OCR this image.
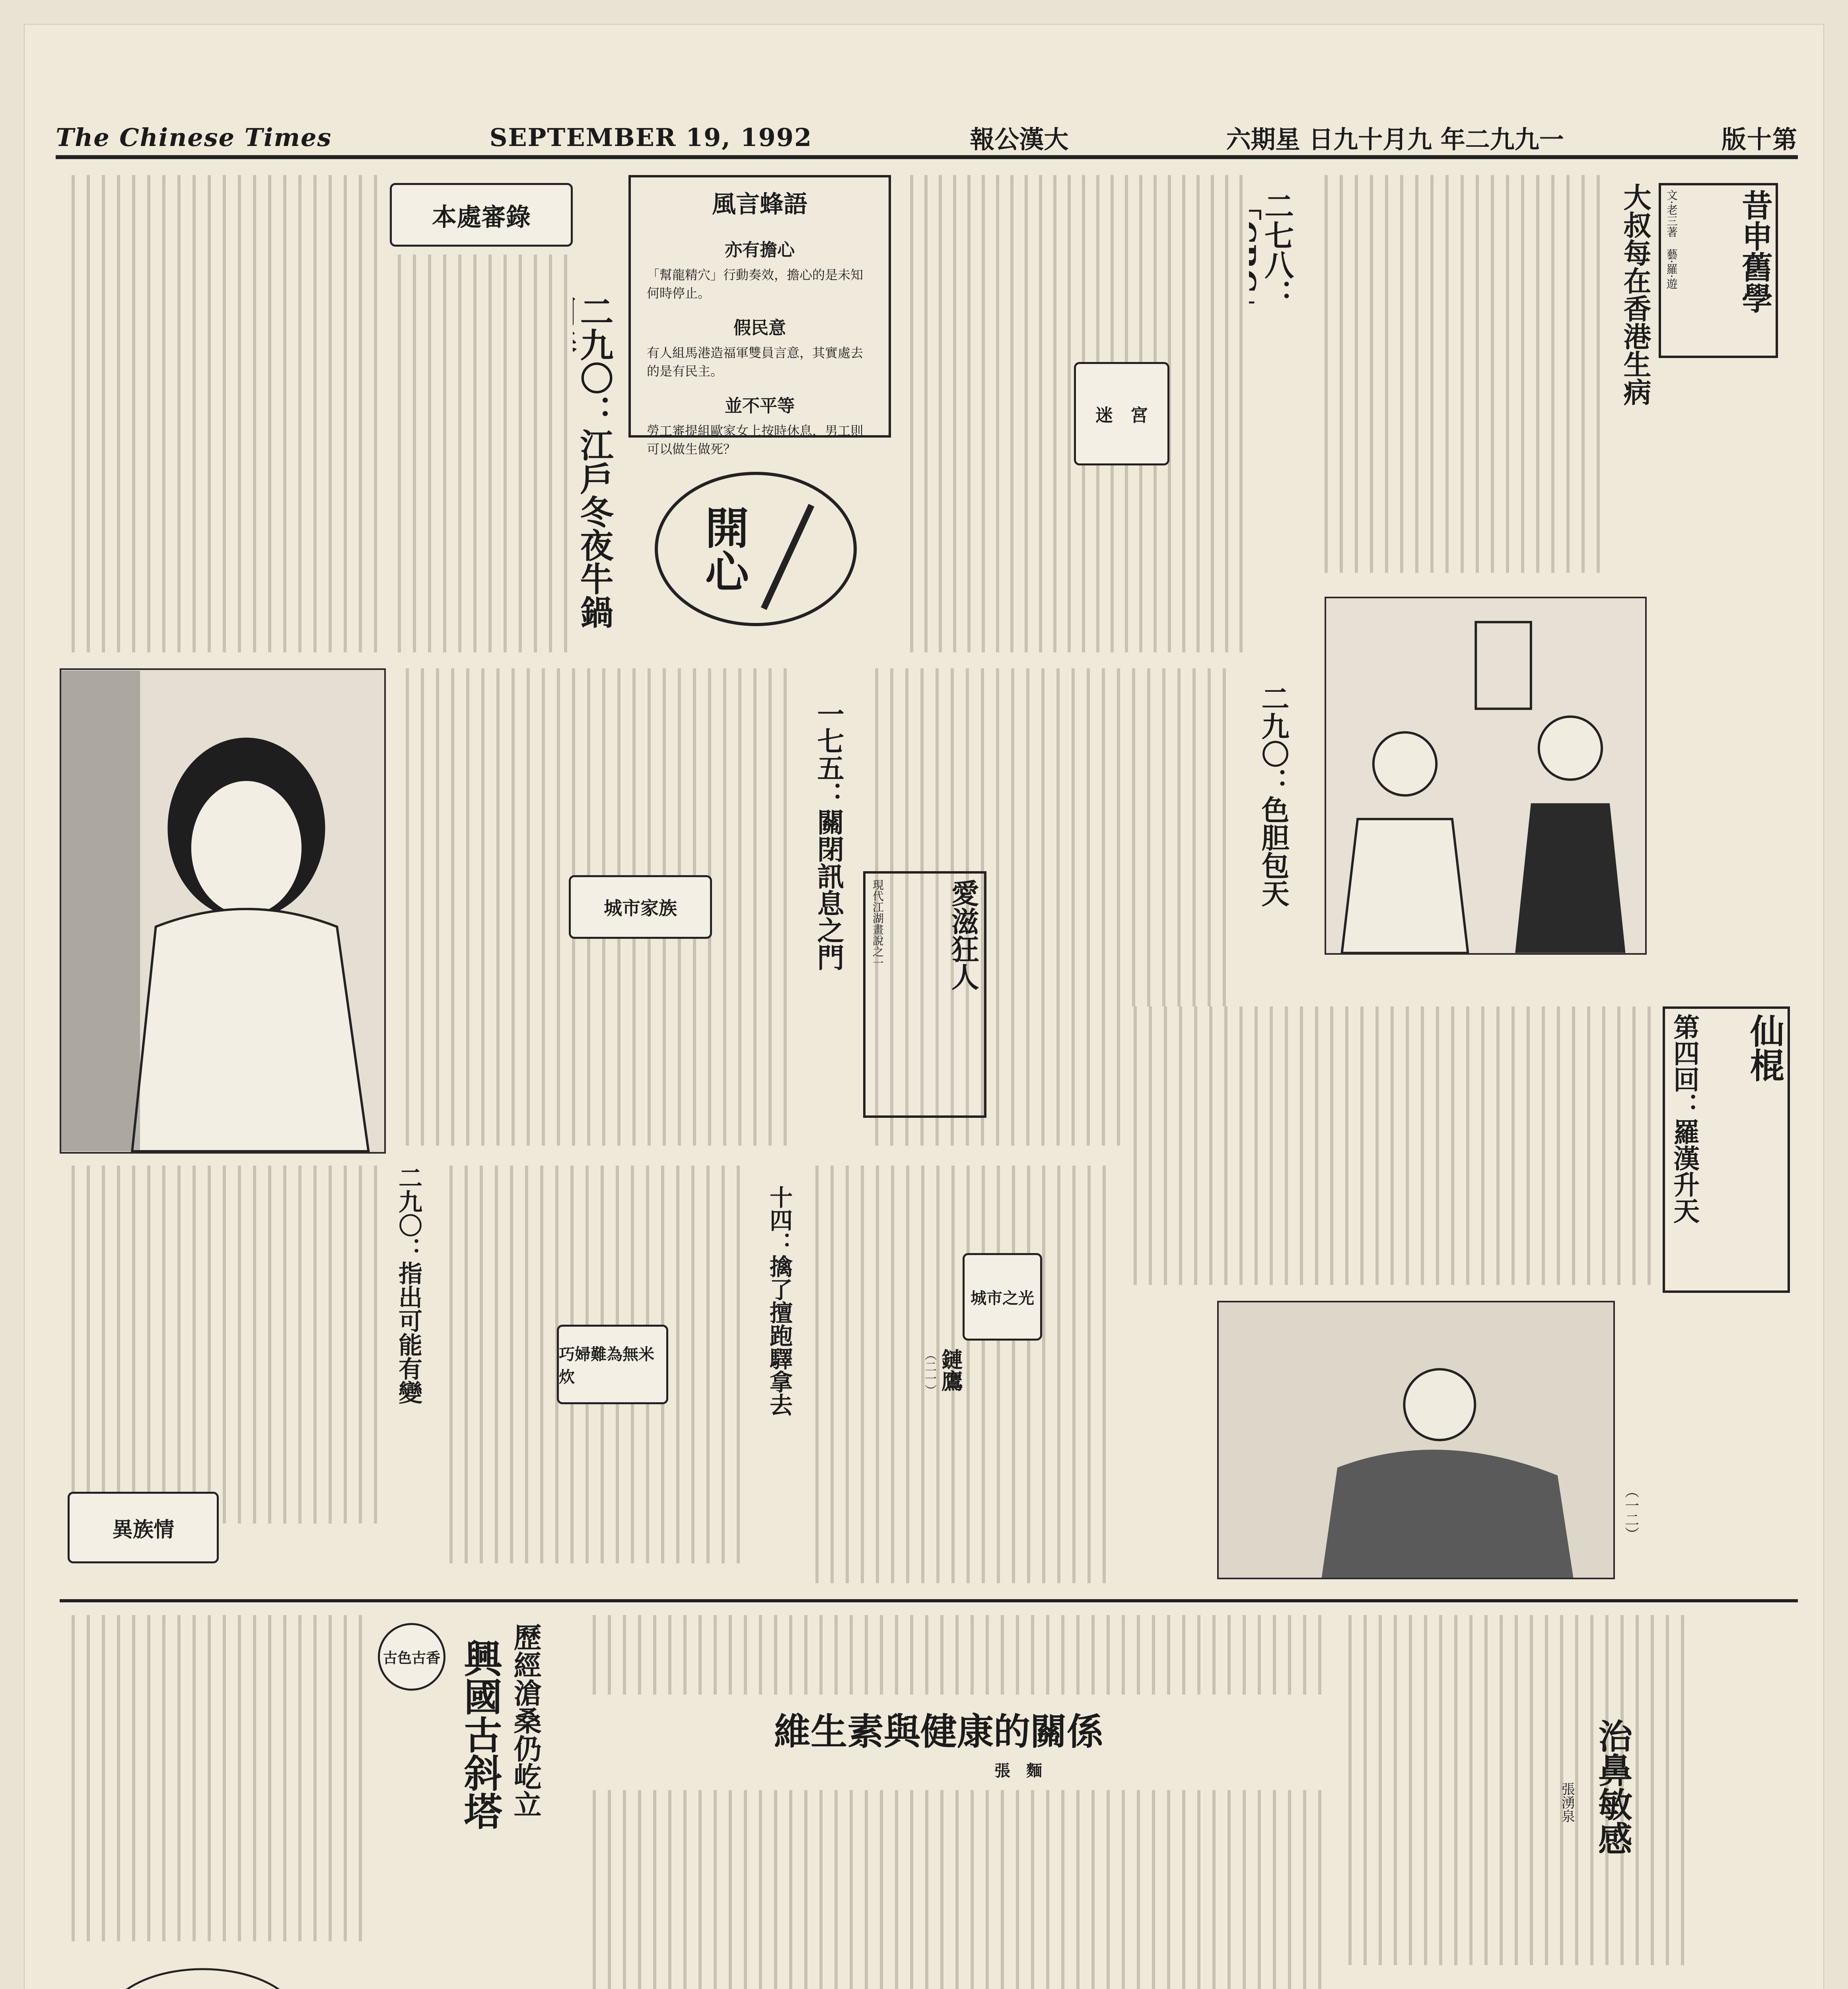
The Chinese Times	SEPTEMBER 19, 1992	報公漢大	六期星 日九十月九 年二九九一	版十第
本處審錄
二九〇：江戶冬夜牛鍋
風言蜂語
亦有擔心
「幫龍精穴」行動奏效，擔心的是未知何時停止。
假民意
有人組馬港造福軍雙員言意，其實處去的是有民主。
並不平等
勞工審提組歐家女上按時休息，男工則可以做生做死？
開心
二七八：
迷　宮
昔申舊學
文·老三著　藝·羅·遊
大叔每在香港生病
一七五：關閉訊息之門
城市家族
二九〇：色胆包天
愛滋狂人
現代江湖畫說之一
仙棍
第四回：羅漢升天
（一二）
二九〇：指出可能有變
異族情
十四：擒了擅跑驛拿去
巧婦難為無米炊
城市之光
鏈鷹
（二一）
古色古香 歷經滄桑仍屹立
興國古斜塔	維生素與健康的關係
張　麵	治鼻敏感
張湧泉
